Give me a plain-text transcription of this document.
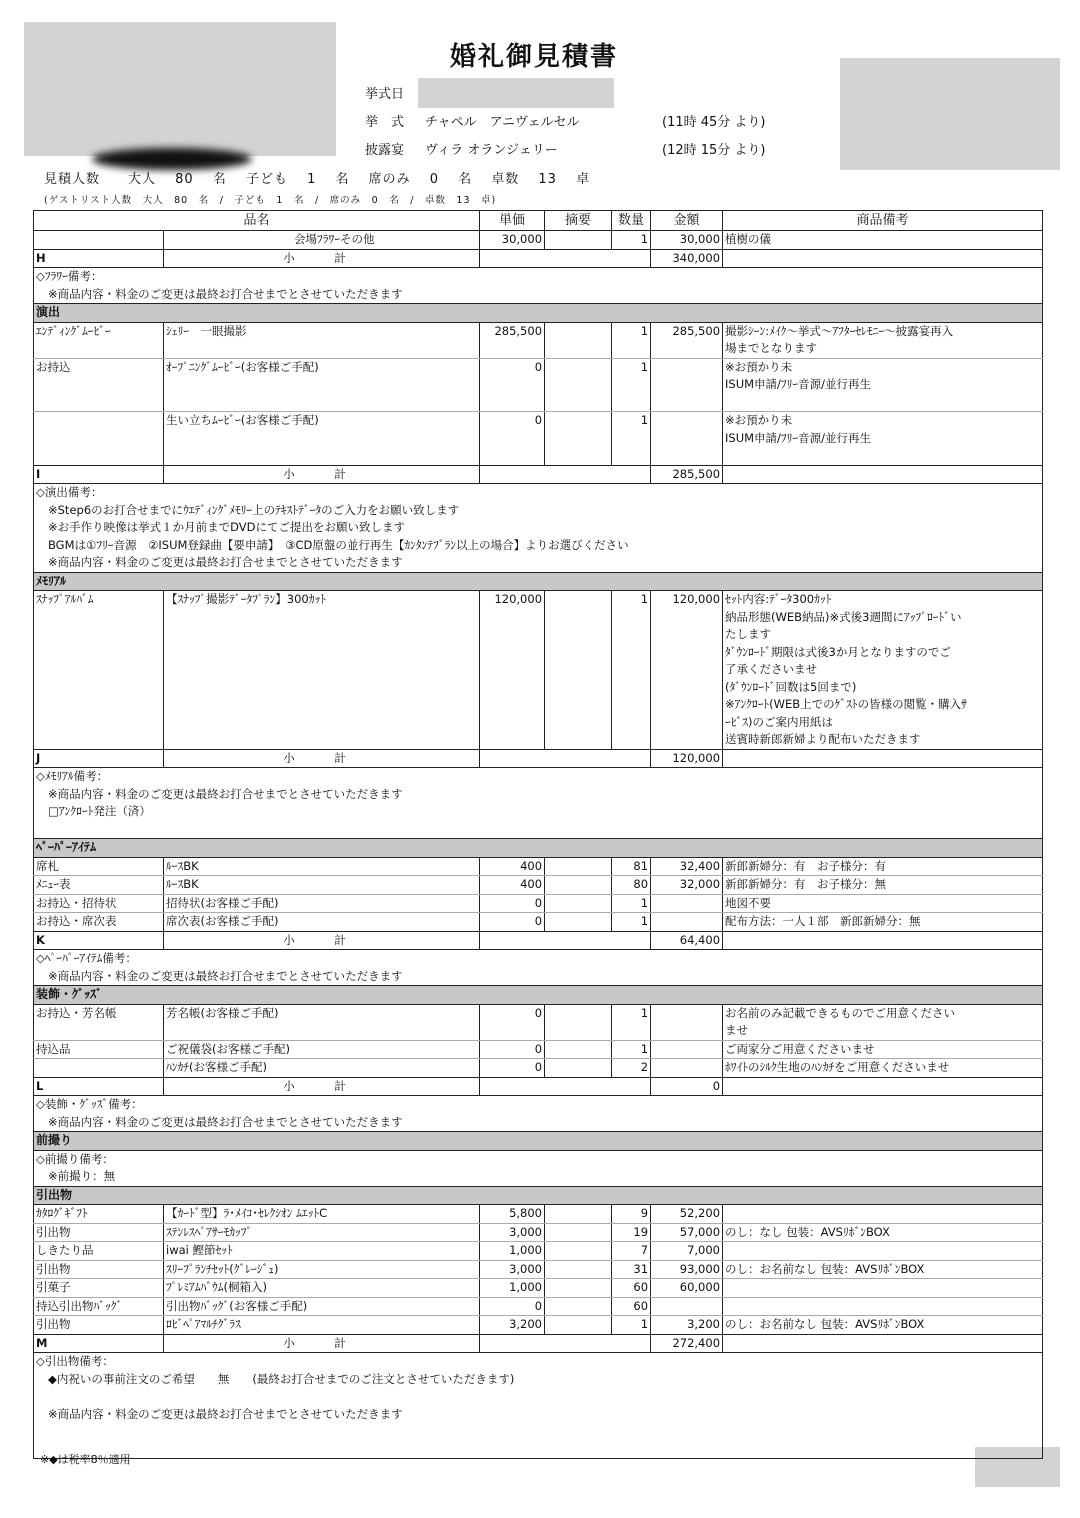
婚礼御見積書
挙式日
挙　式 チャペル　アニヴェルセル	(11時 45分 より)
披露宴 ヴィラ オランジェリー	(12時 15分 より)
見積人数　　大人　 80　 名　 子ども　 1　 名　 席のみ　 0　 名　 卓数　 13　 卓
(ゲストリスト人数　大人　80　名　/　子ども　1　名　/　席のみ　0　名　/　卓数　13　卓)
品名		単価	摘要	数量	金額	商品備考
	会場ﾌﾗﾜｰその他	30,000		1	30,000	植樹の儀
H	小　計				340,000	
◇ﾌﾗﾜｰ備考：						
※商品内容・料金のご変更は最終お打合せまでとさせていただきます						
演出						
ｴﾝﾃﾞｨﾝｸﾞﾑｰﾋﾞｰ	ｼｪﾘｰ　一眼撮影	285,500		1	285,500	撮影ｼｰﾝ:ﾒｲｸ～挙式～ｱﾌﾀｰｾﾚﾓﾆｰ～披露宴再入
						場までとなります
お持込	ｵｰﾌﾟﾆﾝｸﾞﾑｰﾋﾞｰ(お客様ご手配)	0		1		※お預かり未
						ISUM申請/ﾌﾘｰ音源/並行再生

	生い立ちﾑｰﾋﾞｰ(お客様ご手配)	0		1		※お預かり未
						ISUM申請/ﾌﾘｰ音源/並行再生

I	小　計				285,500	
◇演出備考：						
※Step6のお打合せまでにｳｴﾃﾞｨﾝｸﾞﾒﾓﾘｰ上のﾃｷｽﾄﾃﾞｰﾀのご入力をお願い致します						
※お手作り映像は挙式１か月前までDVDにてご提出をお願い致します						
BGMは①ﾌﾘｰ音源　②ISUM登録曲【要申請】　③CD原盤の並行再生【ｶﾝﾀﾝﾃﾌﾞﾗﾝ以上の場合】よりお選びください						
※商品内容・料金のご変更は最終お打合せまでとさせていただきます						
ﾒﾓﾘｱﾙ						
ｽﾅｯﾌﾟｱﾙﾊﾞﾑ	【ｽﾅｯﾌﾟ撮影ﾃﾞｰﾀﾌﾟﾗﾝ】300ｶｯﾄ	120,000		1	120,000	ｾｯﾄ内容:ﾃﾞｰﾀ300ｶｯﾄ
						納品形態(WEB納品)※式後3週間にｱｯﾌﾟﾛｰﾄﾞい
						たします
						ﾀﾞｳﾝﾛｰﾄﾞ期限は式後3か月となりますのでご
						了承くださいませ
						(ﾀﾞｳﾝﾛｰﾄﾞ回数は5回まで)
						※ｱﾝｸﾛｰﾄ(WEB上でのｹﾞｽﾄの皆様の閲覧・購入ｻ
						ｰﾋﾞｽ)のご案内用紙は
						送賓時新郎新婦より配布いただきます
J	小　計				120,000	
◇ﾒﾓﾘｱﾙ備考：						
※商品内容・料金のご変更は最終お打合せまでとさせていただきます						
□ｱﾝｸﾛｰﾄ発注（済）						

ﾍﾟｰﾊﾟｰｱｲﾃﾑ						
席札	ﾙｰｽBK	400		81	32,400	新郎新婦分：有　お子様分：有
ﾒﾆｭｰ表	ﾙｰｽBK	400		80	32,000	新郎新婦分：有　お子様分：無
お持込・招待状	招待状(お客様ご手配)	0		1		地図不要
お持込・席次表	席次表(お客様ご手配)	0		1		配布方法：一人１部　新郎新婦分：無
K	小　計				64,400	
◇ﾍﾟｰﾊﾟｰｱｲﾃﾑ備考：						
※商品内容・料金のご変更は最終お打合せまでとさせていただきます						
装飾・ｸﾞｯｽﾞ						
お持込・芳名帳	芳名帳(お客様ご手配)	0		1		お名前のみ記載できるものでご用意ください
						ませ
持込品	ご祝儀袋(お客様ご手配)	0		1		ご両家分ご用意くださいませ
	ﾊﾝｶﾁ(お客様ご手配)	0		2		ﾎﾜｲﾄのｼﾙｸ生地のﾊﾝｶﾁをご用意くださいませ
L	小　計				0	
◇装飾・ｸﾞｯｽﾞ備考：						
※商品内容・料金のご変更は最終お打合せまでとさせていただきます						
前撮り						
◇前撮り備考：						
※前撮り：無						
引出物						
ｶﾀﾛｸﾞｷﾞﾌﾄ	【ｶｰﾄﾞ型】ﾗ･ﾒｲｺ･ｾﾚｸｼｵﾝ ﾑｴｯﾄC	5,800		9	52,200	
引出物	ｽﾃﾝﾚｽﾍﾟｱｻｰﾓｶｯﾌﾟ	3,000		19	57,000	のし：なし 包装：AVSﾘﾎﾞﾝBOX
しきたり品	iwai 鰹節ｾｯﾄ	1,000		7	7,000	
引出物	ｽﾘｰﾌﾟﾗﾝﾁｾｯﾄ(ｸﾞﾚｰｼﾞｭ)	3,000		31	93,000	のし：お名前なし 包装：AVSﾘﾎﾞﾝBOX
引菓子	ﾌﾟﾚﾐｱﾑﾊﾞｳﾑ(桐箱入)	1,000		60	60,000	
持込引出物ﾊﾞｯｸﾞ	引出物ﾊﾞｯｸﾞ(お客様ご手配)	0		60		
引出物	ﾛﾋﾞﾍﾟｱﾏﾙﾁｸﾞﾗｽ	3,200		1	3,200	のし：お名前なし 包装：AVSﾘﾎﾞﾝBOX
M	小　計				272,400	
◇引出物備考：						
◆内祝いの事前注文のご希望　　無　　(最終お打合せまでのご注文とさせていただきます)						

※商品内容・料金のご変更は最終お打合せまでとさせていただきます						

※◆は税率8％適用
